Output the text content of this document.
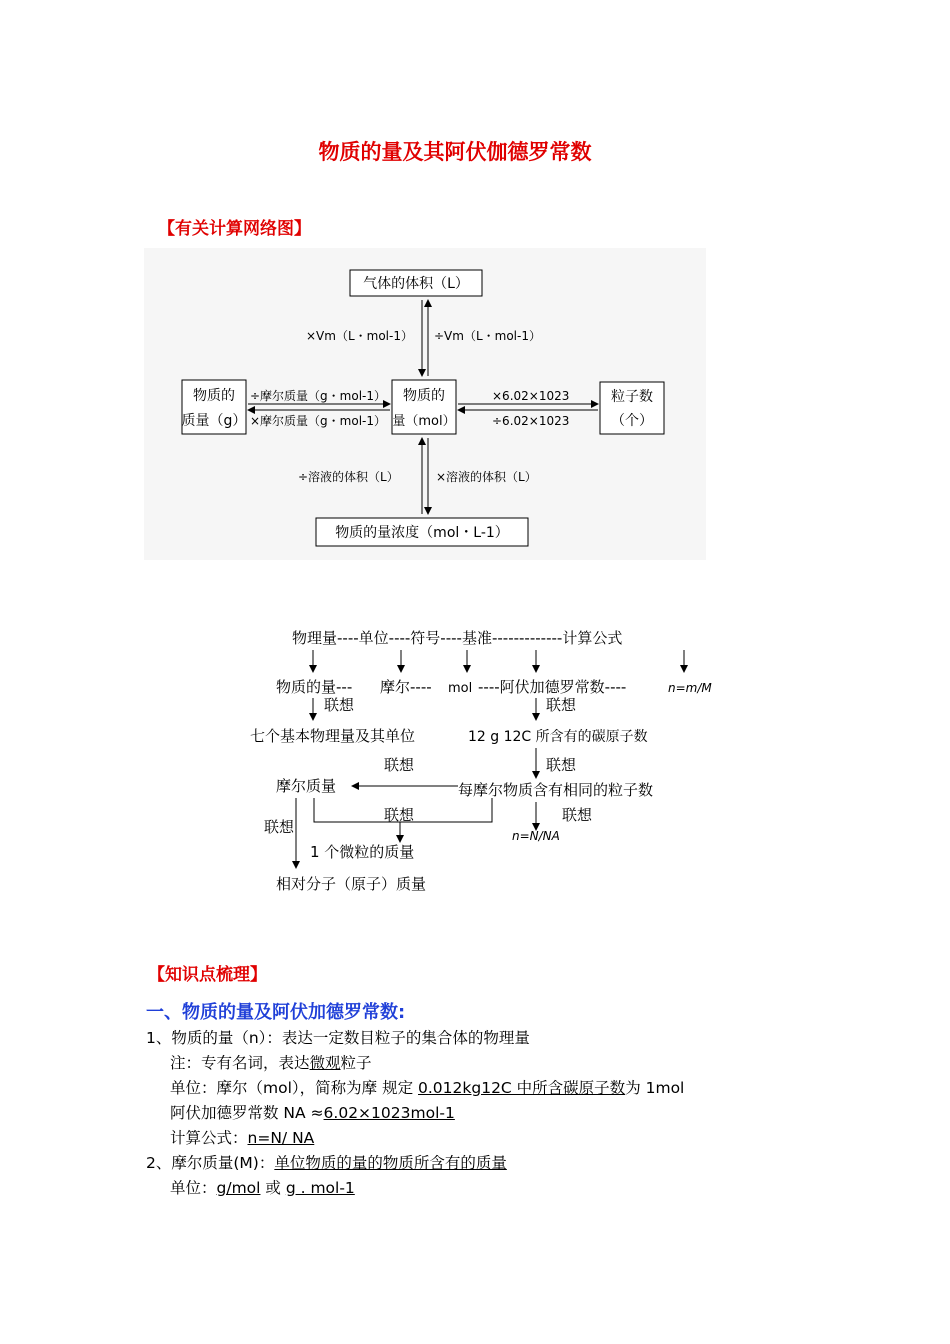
物质的量及其阿伏伽德罗常数
【有关计算网络图】
气体的体积（L）
物质的
质量（g）
物质的
量（mol）
粒子数
（个）
物质的量浓度（mol・L-1）
×Vm（L・mol-1） ÷Vm（L・mol-1）
÷摩尔质量（g・mol-1）
×摩尔质量（g・mol-1）
×6.02×1023
÷6.02×1023
÷溶液的体积（L）	×溶液的体积（L）
物理量----单位----符号----基准-------------计算公式
物质的量--- 摩尔---- mol ----阿伏加德罗常数----	n=m/M
联想	联想
七个基本物理量及其单位	12 g 12C 所含有的碳原子数
联想	联想
摩尔质量	每摩尔物质含有相同的粒子数
联想	联想
n=N/NA
联想
1 个微粒的质量
相对分子（原子）质量
【知识点梳理】
一、物质的量及阿伏加德罗常数:
1、物质的量（n）：表达一定数目粒子的集合体的物理量
注：专有名词，表达微观粒子
单位：摩尔（mol），简称为摩 规定 0.012kg12C 中所含碳原子数为 1mol
阿伏加德罗常数 NA ≈6.02×1023mol-1
计算公式：n=N/ NA
2、摩尔质量(M)：单位物质的量的物质所含有的质量
单位：g/mol 或 g . mol-1
